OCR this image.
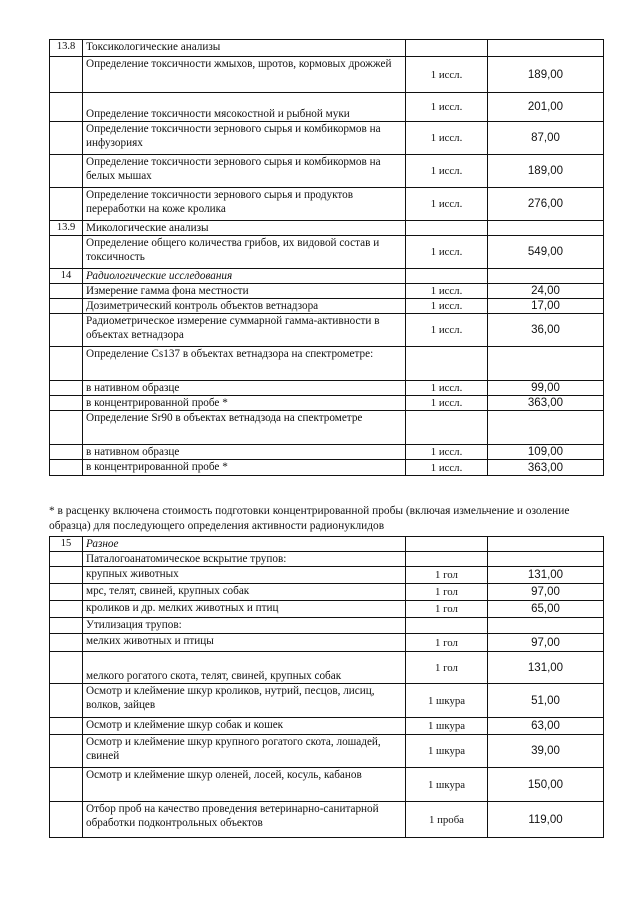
13.8	Токсикологические анализы		
	Определение токсичности жмыхов, шротов, кормовых дрожжей	1 иссл.	189,00
	Определение токсичности мясокостной и рыбной муки	1 иссл.	201,00
	Определение токсичности зернового сырья и комбикормов на инфузориях	1 иссл.	87,00
	Определение токсичности зернового сырья и комбикормов на белых мышах	1 иссл.	189,00
	Определение токсичности зернового сырья и продуктов переработки на коже кролика	1 иссл.	276,00
13.9	Микологические анализы		
	Определение общего количества грибов, их видовой состав и токсичность	1 иссл.	549,00
14	Радиологические исследования		
	Измерение гамма фона местности	1 иссл.	24,00
	Дозиметрический контроль объектов ветнадзора	1 иссл.	17,00
	Радиометрическое измерение суммарной гамма-активности в объектах ветнадзора	1 иссл.	36,00
	Определение Cs137 в объектах ветнадзора на спектрометре:		
	в нативном образце	1 иссл.	99,00
	в концентрированной пробе *	1 иссл.	363,00
	Определение Sr90 в объектах ветнадзода на спектрометре		
	в нативном образце	1 иссл.	109,00
	в концентрированной пробе *	1 иссл.	363,00
* в расценку включена стоимость подготовки концентрированной пробы (включая измельчение и озоление образца) для последующего определения активности радионуклидов
15	Разное		
	Паталогоанатомическое вскрытие трупов:		
	крупных животных	1 гол	131,00
	мрс, телят, свиней, крупных собак	1 гол	97,00
	кроликов и др. мелких животных и птиц	1 гол	65,00
	Утилизация трупов:		
	мелких животных и птицы	1 гол	97,00
	мелкого рогатого скота, телят, свиней, крупных собак	1 гол	131,00
	Осмотр и клеймение шкур кроликов, нутрий, песцов, лисиц, волков, зайцев	1 шкура	51,00
	Осмотр и клеймение шкур собак и кошек	1 шкура	63,00
	Осмотр и клеймение шкур крупного рогатого скота, лошадей, свиней	1 шкура	39,00
	Осмотр и клеймение шкур оленей, лосей, косуль, кабанов	1 шкура	150,00
	Отбор проб на качество проведения ветеринарно-санитарной обработки подконтрольных объектов	1 проба	119,00
